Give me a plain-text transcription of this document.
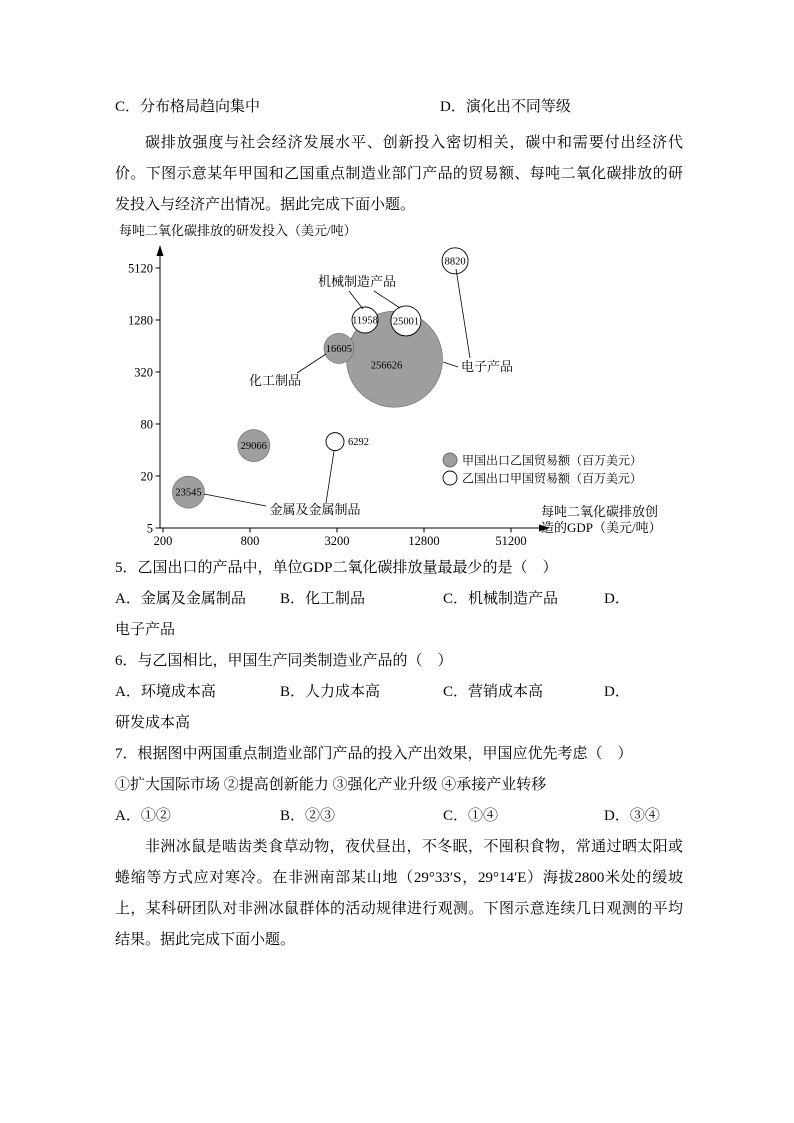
C．分布格局趋向集中	D．演化出不同等级

碳排放强度与社会经济发展水平、创新投入密切相关，碳中和需要付出经济代价。下图示意某年甲国和乙国重点制造业部门产品的贸易额、每吨二氧化碳排放的研发投入与经济产出情况。据此完成下面小题。

5120
1280
320
80
20
5
200	800	3200	12800	51200
每吨二氧化碳排放的研发投入（美元/吨）
每吨二氧化碳排放创
造的GDP（美元/吨）
256626
23545
29066
16605
25001
11958
8820
6292
机械制造产品
化工制品
电子产品
金属及金属制品
甲国出口乙国贸易额（百万美元）
乙国出口甲国贸易额（百万美元）
5．乙国出口的产品中，单位GDP二氧化碳排放量最最少的是（　）
A．金属及金属制品 B．化工制品	C．机械制造产品	D．
电子产品
6．与乙国相比，甲国生产同类制造业产品的（　）
A．环境成本高	B．人力成本高	C．营销成本高	D．
研发成本高
7．根据图中两国重点制造业部门产品的投入产出效果，甲国应优先考虑（　）
①扩大国际市场 ②提高创新能力 ③强化产业升级 ④承接产业转移
A．①②	B．②③	C．①④	D．③④

非洲冰鼠是啮齿类食草动物，夜伏昼出，不冬眠，不囤积食物，常通过晒太阳或蜷缩等方式应对寒冷。在非洲南部某山地（29°33′S，29°14′E）海拔2800米处的缓坡上，某科研团队对非洲冰鼠群体的活动规律进行观测。下图示意连续几日观测的平均结果。据此完成下面小题。
